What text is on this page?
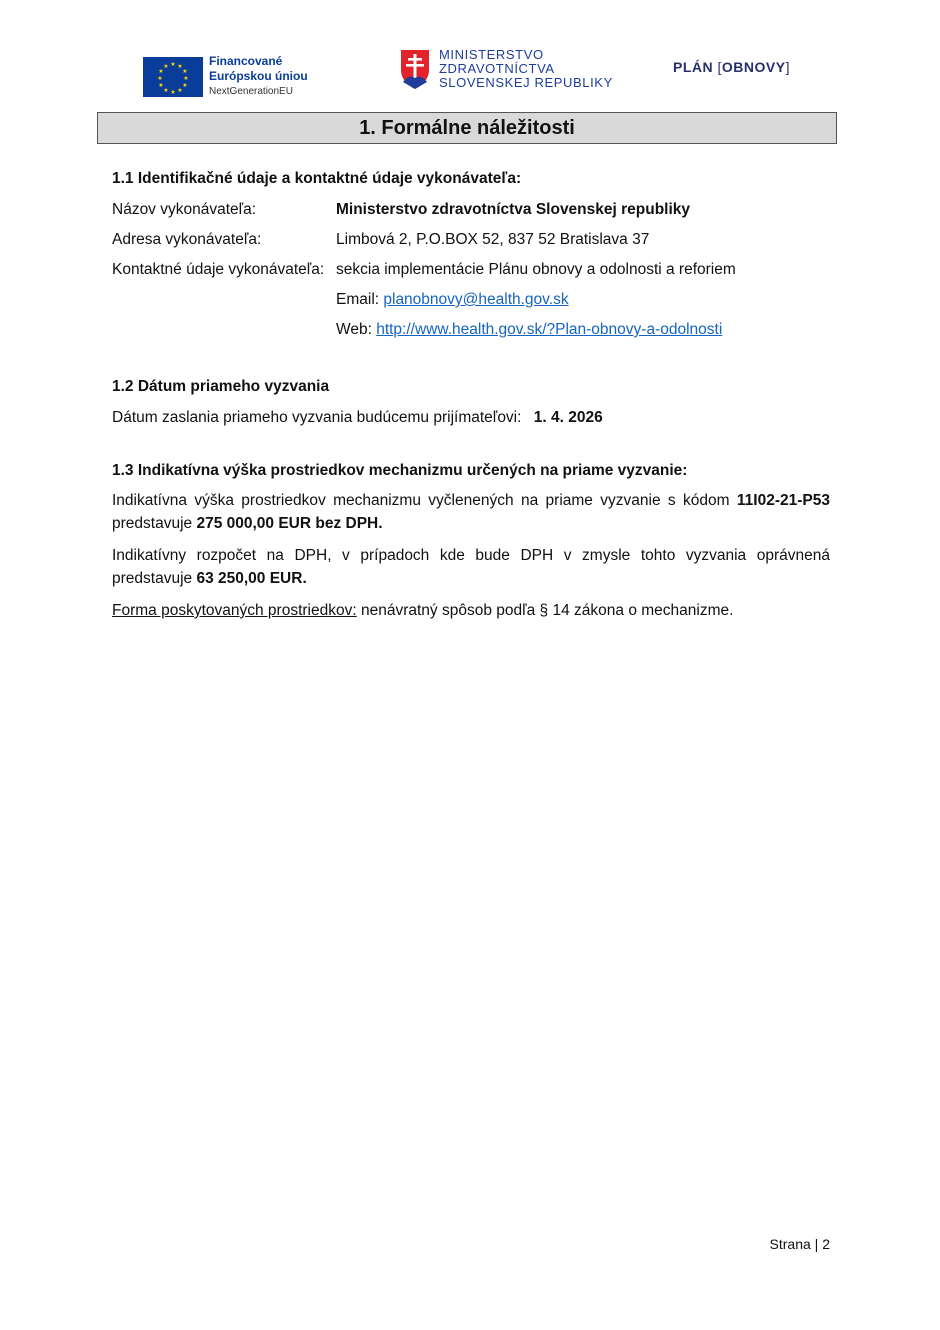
★ ★
★
★
★
★
★
★
★
★
★
★	Financované
Európskou úniou
NextGenerationEU
MINISTERSTVO
ZDRAVOTNÍCTVA
SLOVENSKEJ REPUBLIKY
PLÁN [OBNOVY]
1. Formálne náležitosti
1.1 Identifikačné údaje a kontaktné údaje vykonávateľa:
Názov vykonávateľa:	Ministerstvo zdravotníctva Slovenskej republiky
Adresa vykonávateľa:	Limbová 2, P.O.BOX 52, 837 52 Bratislava 37
Kontaktné údaje vykonávateľa: sekcia implementácie Plánu obnovy a odolnosti a reforiem
Email: planobnovy@health.gov.sk
Web: http://www.health.gov.sk/?Plan-obnovy-a-odolnosti
1.2 Dátum priameho vyzvania
Dátum zaslania priameho vyzvania budúcemu prijímateľovi: 1. 4. 2026
1.3 Indikatívna výška prostriedkov mechanizmu určených na priame vyzvanie:
Indikatívna výška prostriedkov mechanizmu vyčlenených na priame vyzvanie s kódom 11I02-21-P53 predstavuje 275 000,00 EUR bez DPH.
Indikatívny rozpočet na DPH, v prípadoch kde bude DPH v zmysle tohto vyzvania oprávnená predstavuje 63 250,00 EUR.
Forma poskytovaných prostriedkov: nenávratný spôsob podľa § 14 zákona o mechanizme.
Strana | 2
